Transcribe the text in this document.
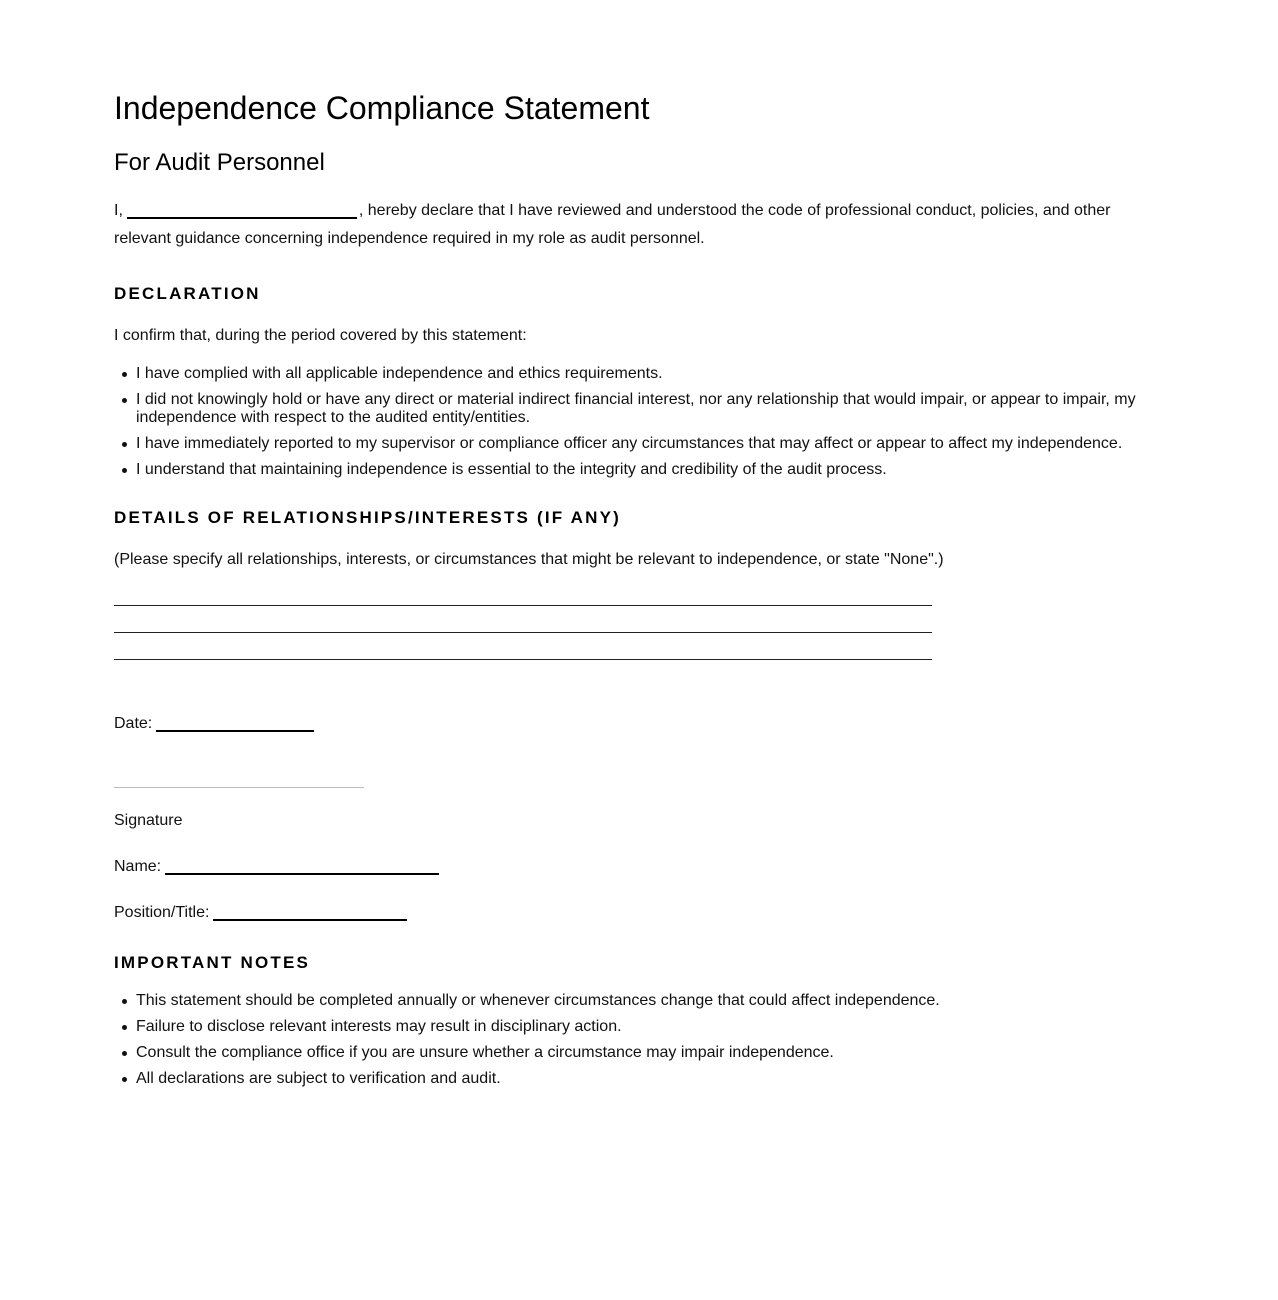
Independence Compliance Statement
For Audit Personnel

I,	, hereby declare that I have reviewed and understood the code of professional conduct, policies, and other relevant guidance concerning independence required in my role as audit personnel.

DECLARATION

I confirm that, during the period covered by this statement:

I have complied with all applicable independence and ethics requirements.
I did not knowingly hold or have any direct or material indirect financial interest, nor any relationship that would impair, or appear to impair, my independence with respect to the audited entity/entities.
I have immediately reported to my supervisor or compliance officer any circumstances that may affect or appear to affect my independence.
I understand that maintaining independence is essential to the integrity and credibility of the audit process.
DETAILS OF RELATIONSHIPS/INTERESTS (IF ANY)

(Please specify all relationships, interests, or circumstances that might be relevant to independence, or state "None".)

Date:
Signature
Name:
Position/Title:
IMPORTANT NOTES
This statement should be completed annually or whenever circumstances change that could affect independence.
Failure to disclose relevant interests may result in disciplinary action.
Consult the compliance office if you are unsure whether a circumstance may impair independence.
All declarations are subject to verification and audit.
